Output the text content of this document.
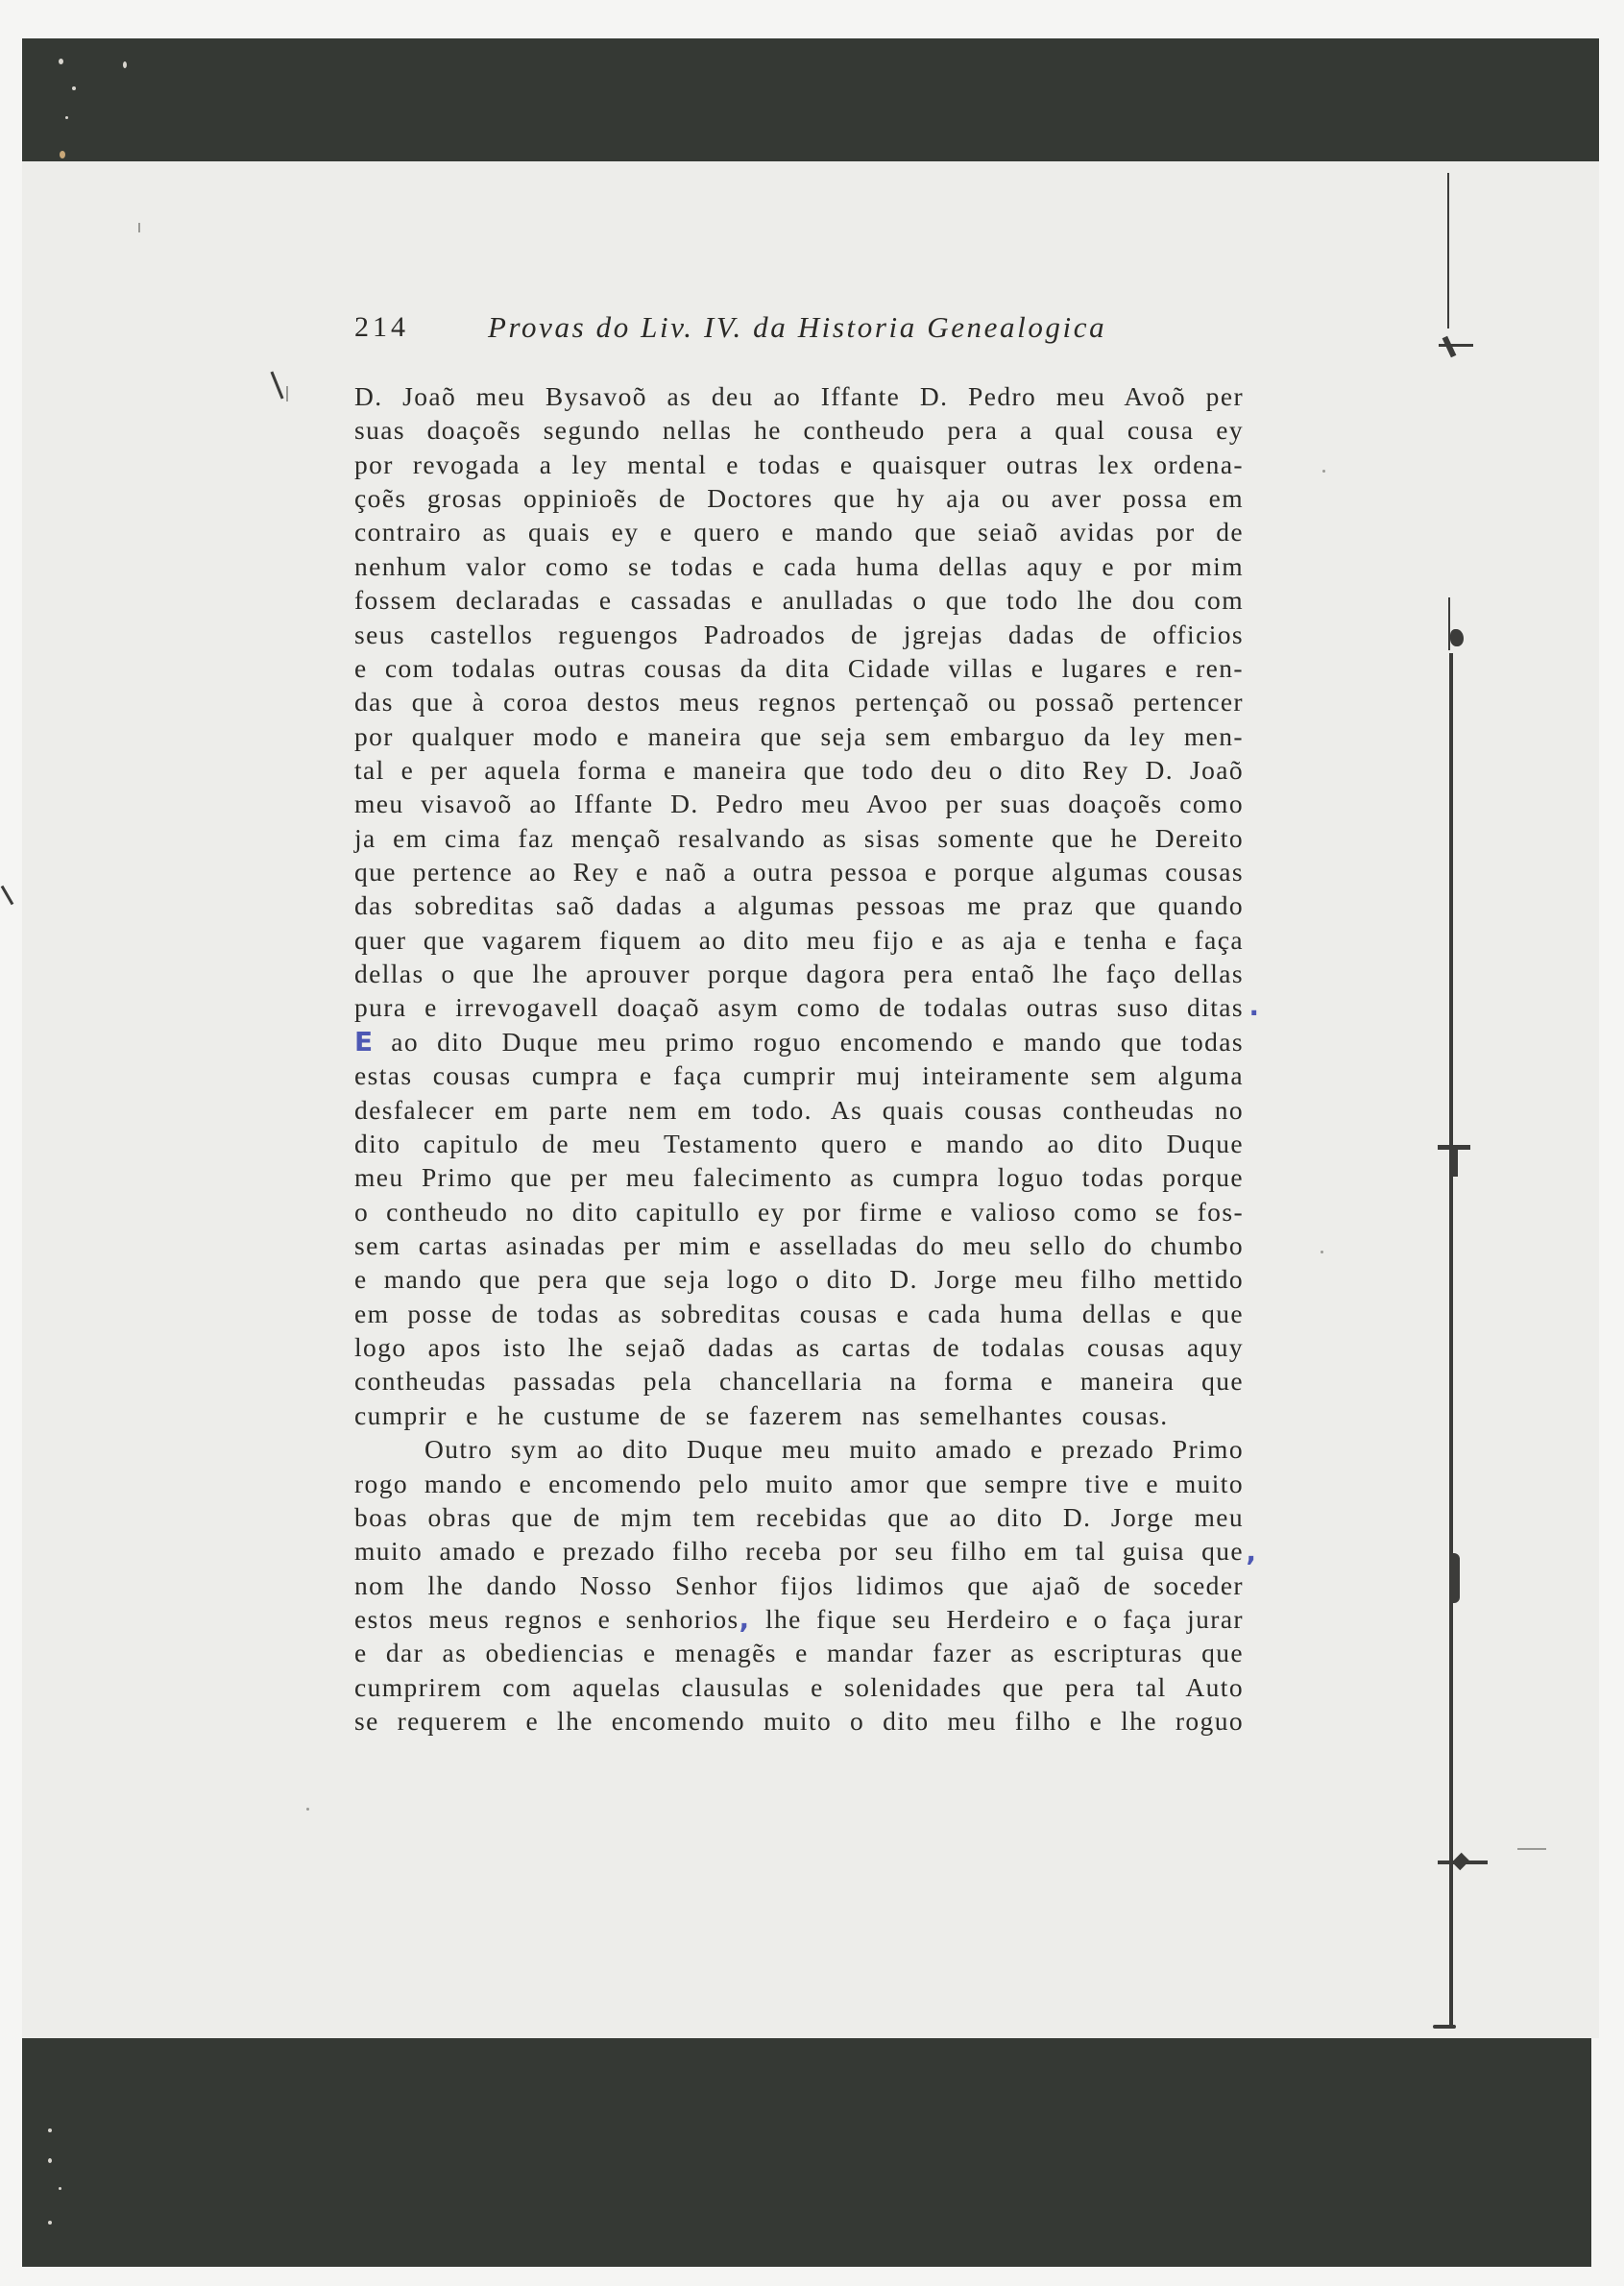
214	Provas do Liv. IV. da Historia Genealogica
D. Joaõ meu Bysavoõ as deu ao Iffante D. Pedro meu Avoõ per
suas doaçoẽs segundo nellas he contheudo pera a qual cousa ey
por revogada a ley mental e todas e quaisquer outras lex ordena-
çoẽs grosas oppinioẽs de Doctores que hy aja ou aver possa em
contrairo as quais ey e quero e mando que seiaõ avidas por de
nenhum valor como se todas e cada huma dellas aquy e por mim
fossem declaradas e cassadas e anulladas o que todo lhe dou com
seus castellos reguengos Padroados de jgrejas dadas de officios
e com todalas outras cousas da dita Cidade villas e lugares e ren-
das que à coroa destos meus regnos pertençaõ ou possaõ pertencer
por qualquer modo e maneira que seja sem embarguo da ley men-
tal e per aquela forma e maneira que todo deu o dito Rey D. Joaõ
meu visavoõ ao Iffante D. Pedro meu Avoo per suas doaçoẽs como
ja em cima faz mençaõ resalvando as sisas somente que he Dereito
que pertence ao Rey e naõ a outra pessoa e porque algumas cousas
das sobreditas saõ dadas a algumas pessoas me praz que quando
quer que vagarem fiquem ao dito meu fijo e as aja e tenha e faça
dellas o que lhe aprouver porque dagora pera entaõ lhe faço dellas
pura e irrevogavell doaçaõ asym como de todalas outras suso ditas .
E ao dito Duque meu primo roguo encomendo e mando que todas
estas cousas cumpra e faça cumprir muj inteiramente sem alguma
desfalecer em parte nem em todo. As quais cousas contheudas no
dito capitulo de meu Testamento quero e mando ao dito Duque
meu Primo que per meu falecimento as cumpra loguo todas porque
o contheudo no dito capitullo ey por firme e valioso como se fos-
sem cartas asinadas per mim e asselladas do meu sello do chumbo
e mando que pera que seja logo o dito D. Jorge meu filho mettido
em posse de todas as sobreditas cousas e cada huma dellas e que
logo apos isto lhe sejaõ dadas as cartas de todalas cousas aquy
contheudas passadas pela chancellaria na forma e maneira que
cumprir e he custume de se fazerem nas semelhantes cousas.
Outro sym ao dito Duque meu muito amado e prezado Primo
rogo mando e encomendo pelo muito amor que sempre tive e muito
boas obras que de mjm tem recebidas que ao dito D. Jorge meu
muito amado e prezado filho receba por seu filho em tal guisa que ,
nom lhe dando Nosso Senhor fijos lidimos que ajaõ de soceder
estos meus regnos e senhorios, lhe fique seu Herdeiro e o faça jurar
e dar as obediencias e menagẽs e mandar fazer as escripturas que
cumprirem com aquelas clausulas e solenidades que pera tal Auto
se requerem e lhe encomendo muito o dito meu filho e lhe roguo
